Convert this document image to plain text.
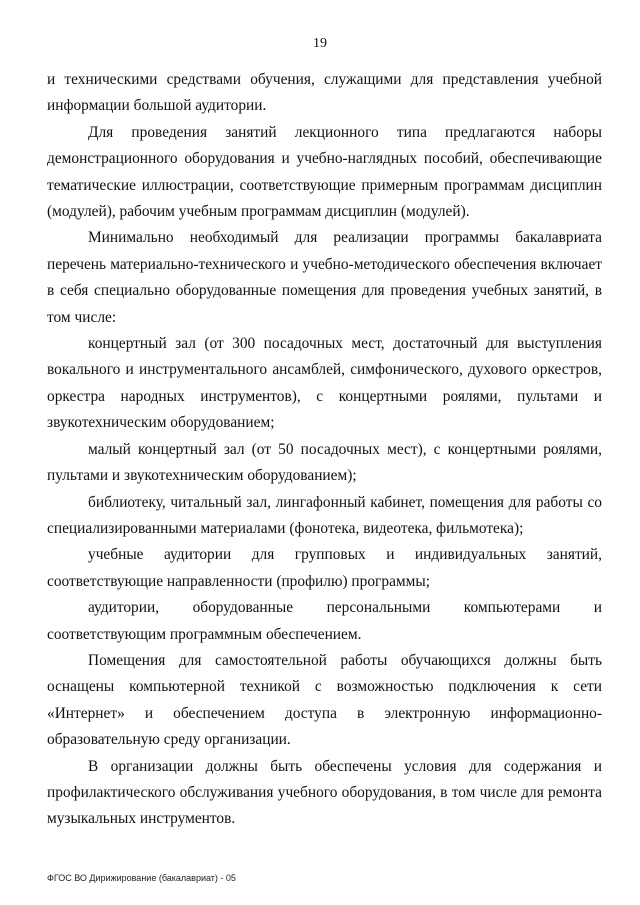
19

и техническими средствами обучения, служащими для представления учебной информации большой аудитории.

Для проведения занятий лекционного типа предлагаются наборы демонстрационного оборудования и учебно-наглядных пособий, обеспечивающие тематические иллюстрации, соответствующие примерным программам дисциплин (модулей), рабочим учебным программам дисциплин (модулей).

Минимально необходимый для реализации программы бакалавриата перечень материально-технического и учебно-методического обеспечения включает в себя специально оборудованные помещения для проведения учебных занятий, в том числе:

концертный зал (от 300 посадочных мест, достаточный для выступления вокального и инструментального ансамблей, симфонического, духового оркестров, оркестра народных инструментов), с концертными роялями, пультами и звукотехническим оборудованием;

малый концертный зал (от 50 посадочных мест), с концертными роялями, пультами и звукотехническим оборудованием);

библиотеку, читальный зал, лингафонный кабинет, помещения для работы со специализированными материалами (фонотека, видеотека, фильмотека);

учебные аудитории для групповых и индивидуальных занятий, соответствующие направленности (профилю) программы;

аудитории, оборудованные персональными компьютерами и соответствующим программным обеспечением.

Помещения для самостоятельной работы обучающихся должны быть оснащены компьютерной техникой с возможностью подключения к сети «Интернет» и обеспечением доступа в электронную информационно-образовательную среду организации.

В организации должны быть обеспечены условия для содержания и профилактического обслуживания учебного оборудования, в том числе для ремонта музыкальных инструментов.

ФГОС ВО Дирижирование (бакалавриат) - 05
